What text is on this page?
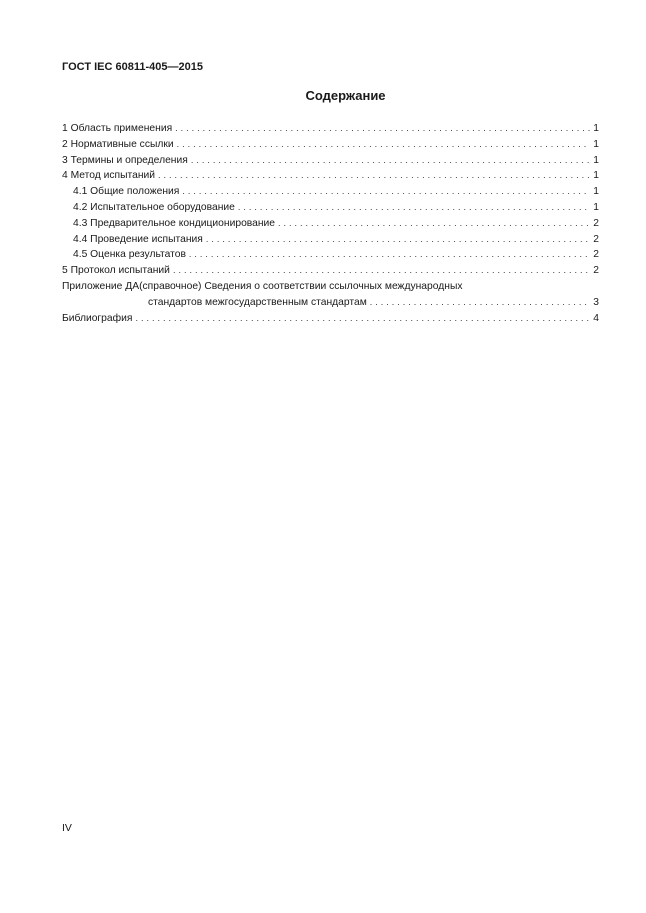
ГОСТ IEC 60811-405—2015
Содержание
1 Область применения . . .	1
2 Нормативные ссылки . . .	1
3 Термины и определения . . .	1
4 Метод испытаний . . .	1
4.1 Общие положения . . .	1
4.2 Испытательное оборудование . . .	1
4.3 Предварительное кондиционирование . . .	2
4.4 Проведение испытания . . .	2
4.5 Оценка результатов . . .	2
5 Протокол испытаний . . .	2
Приложение ДА(справочное) Сведения о соответствии ссылочных международных
стандартов межгосударственным стандартам . . .	3
Библиография . . .	4
IV
